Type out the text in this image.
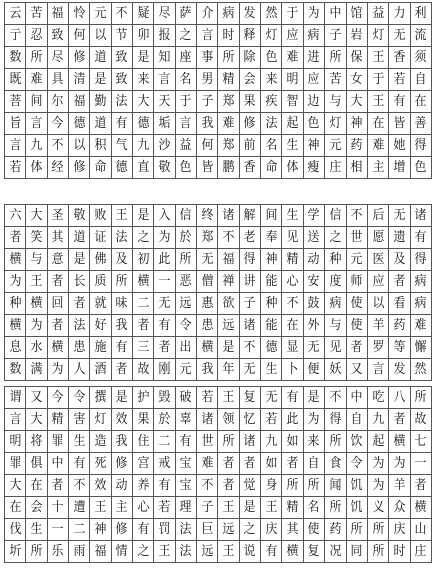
云	苦	福	怜	元	不	疑	尽	萨	介	病	发	然	于	为	中	馆	益	力	利
亍	忍	致	何	以	节	卯	报	之	言	时	释	灯	应	病	子	岩	灯	无	流
数	所	尽	修	道	致	是	知	座	事	所	除	色	难	进	所	保	王	香	须
既	难	具	清	是	致	来	言	名	男	精	会	来	明	应	苦	女	于	若	自
菩	间	尔	福	勤	法	大	天	于	子	郑	果	疾	智	边	与	大	王	有	在
旨	言	今	德	道	有	德	垢	言	我	难	修	法	起	色	灯	神	在	皆	善
言	九	不	以	积	气	九	沙	益	何	郑	前	名	生	神	元	药	难	她	得
若	体	经	修	命	德	直	敬	色	皆	鹏	香	命	体	瘦	庄	相	主	增	色
六	大	圣	敬	败	王	是	入	信	终	诸	解	间	生	学	信	不	后	无	诸
者	笑	其	道	证	法	之	为	於	郑	不	老	奉	见	送	之	世	愿	遗	有
横	与	意	是	佛	及	初	此	所	无	福	得	神	精	动	种	元	医	及	得
为	王	者	长	质	所	横	一	恶	僧	禅	讲	能	心	安	度	师	应	者	病
种	横	回	者	就	味	二	无	远	惠	欲	子	种	不	鼓	病	使	以	看	病
横	为	者	法	好	我	者	有	令	患	远	诸	能	在	外	与	使	羊	药	难
息	水	横	患	施	有	三	者	出	横	是	不	德	显	无	见	者	罗	等	懈
数	满	为	人	酒	者	故	刚	元	我	年	无	生	卜	便	妖	又	言	发	然
谓	又	今	令	撰	是	护	毁	破	若	王	复	无	有	是	不	中	吃	八	所
言	大	精	害	灯	效	果	於	辜	诸	领	忆	若	此	为	得	自	九	者	故
明	将	罪	生	造	我	住	二	有	世	所	诸	九	如	来	所	饮	起	横	七
罪	俱	中	有	死	修	宫	戒	宝	难	者	者	如	者	自	食	令	为	为	一
大	在	者	不	效	动	养	有	宝	不	者	觉	身	所	所	闻	饥	为	羊	者
在	会	十	遭	王	主	心	若	理	子	王	是	王	精	名	所	饥	义	众	横
伐	生	一	二	神	修	有	罚	法	巨	远	之	庆	其	使	药	所	所	庆	山
圻	所	乐	雨	福	情	之	王	法	远	王	说	有	横	复	况	同	所	时	庄
